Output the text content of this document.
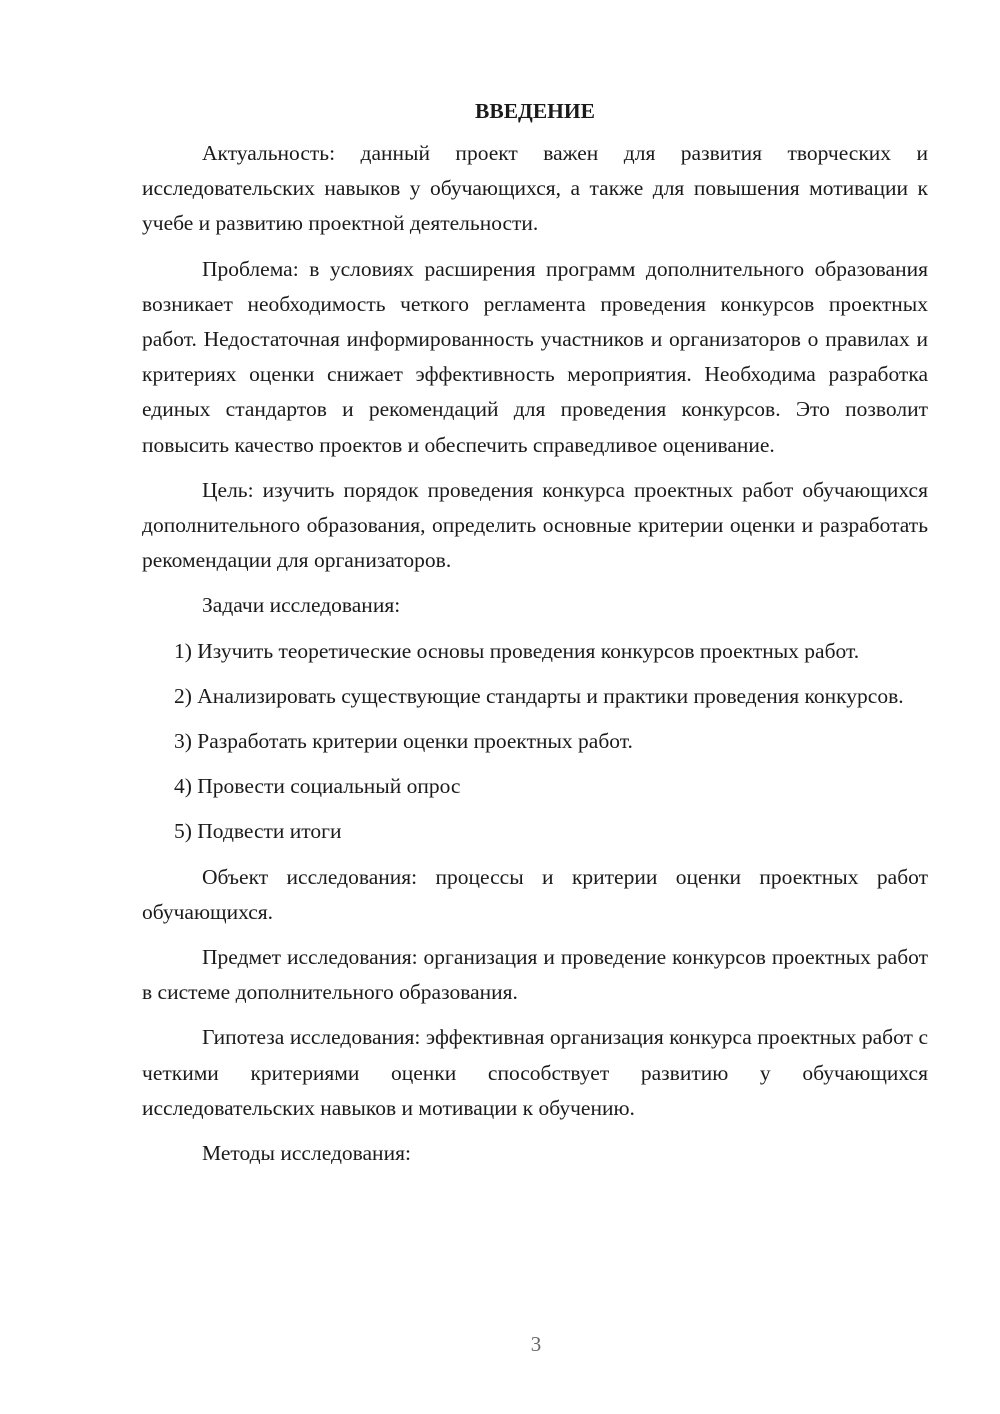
ВВЕДЕНИЕ

Актуальность: данный проект важен для развития творческих и исследовательских навыков у обучающихся, а также для повышения мотивации к учебе и развитию проектной деятельности.

Проблема: в условиях расширения программ дополнительного образования возникает необходимость четкого регламента проведения конкурсов проектных работ. Недостаточная информированность участников и организаторов о правилах и критериях оценки снижает эффективность мероприятия. Необходима разработка единых стандартов и рекомендаций для проведения конкурсов. Это позволит повысить качество проектов и обеспечить справедливое оценивание.

Цель: изучить порядок проведения конкурса проектных работ обучающихся дополнительного образования, определить основные критерии оценки и разработать рекомендации для организаторов.

Задачи исследования:

1) Изучить теоретические основы проведения конкурсов проектных работ.

2) Анализировать существующие стандарты и практики проведения конкурсов.

3) Разработать критерии оценки проектных работ.

4) Провести социальный опрос

5) Подвести итоги

Объект исследования: процессы и критерии оценки проектных работ обучающихся.

Предмет исследования: организация и проведение конкурсов проектных работ в системе дополнительного образования.

Гипотеза исследования: эффективная организация конкурса проектных работ с четкими критериями оценки способствует развитию у обучающихся исследовательских навыков и мотивации к обучению.

Методы исследования:

3
